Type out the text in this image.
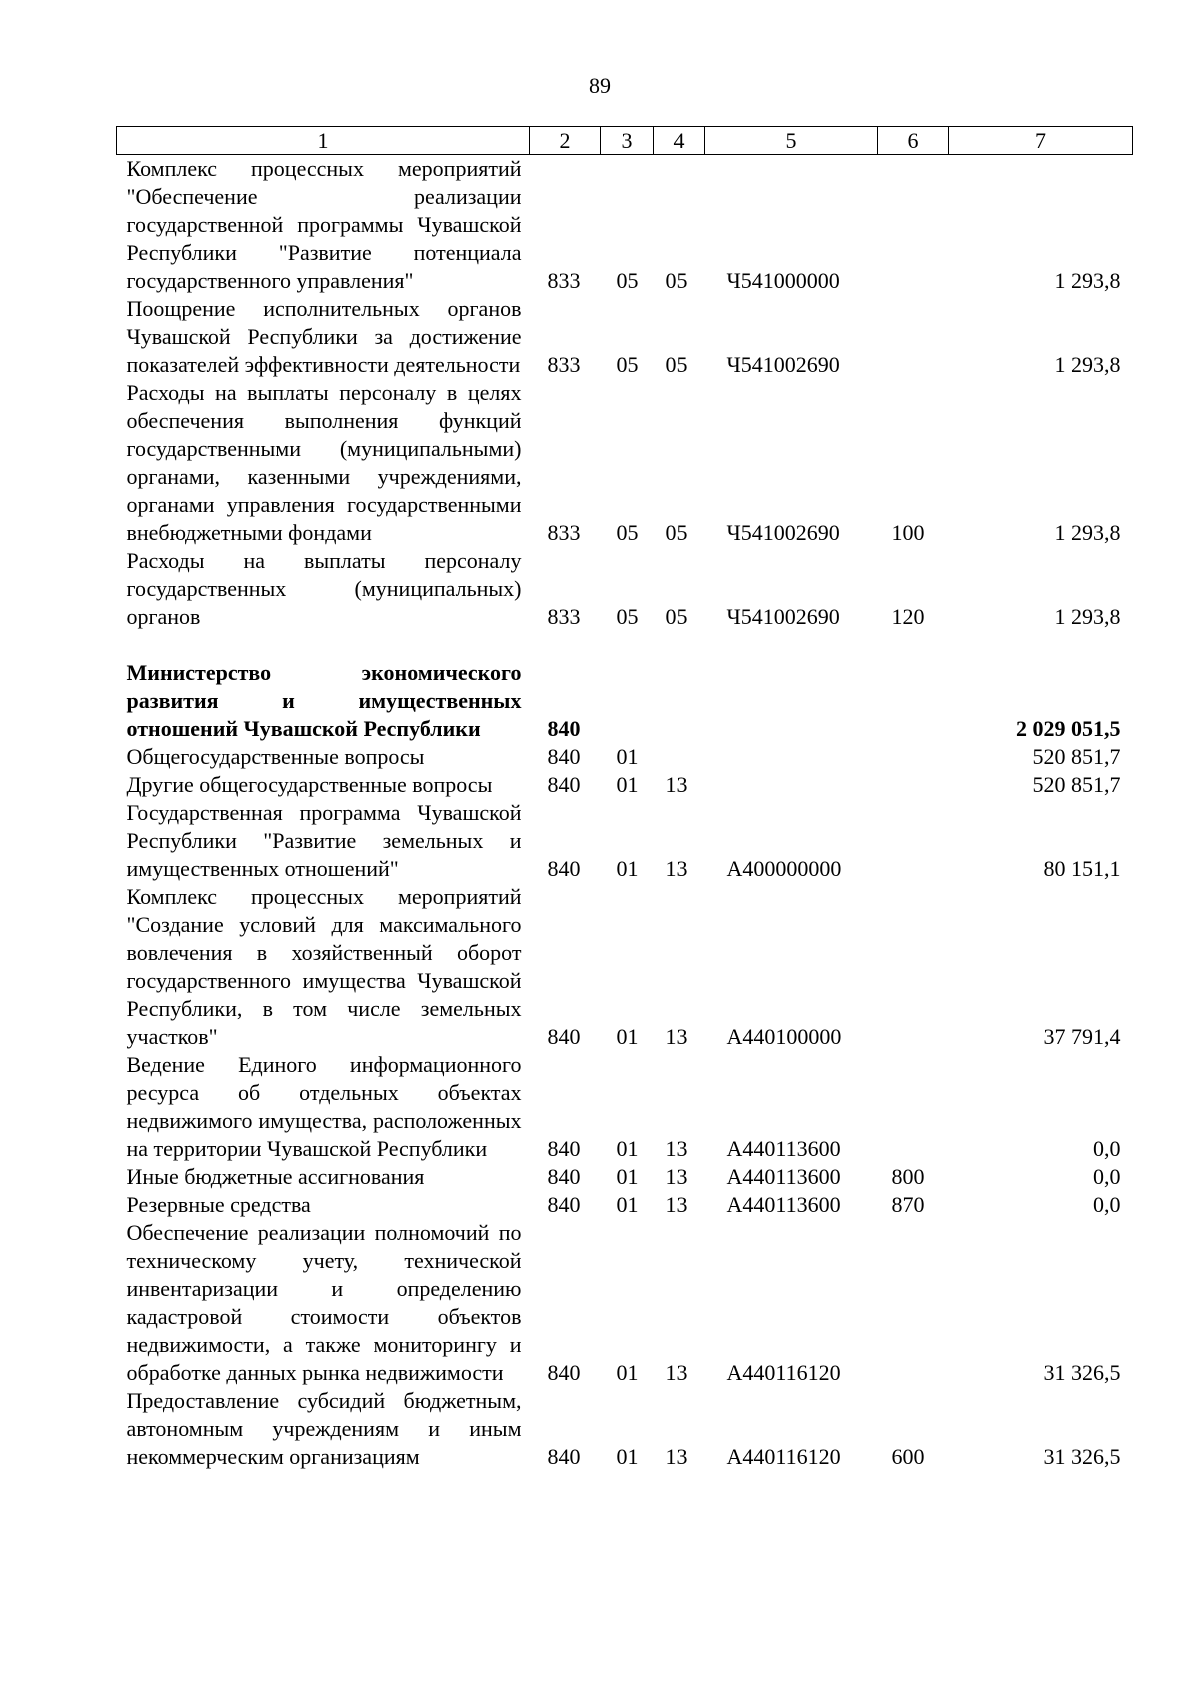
89
1	2	3	4	5	6	7
Комплекс процессных мероприятий "Обеспечение реализации государственной программы Чувашской Республики "Развитие потенциала государственного управления"	833	05	05	Ч541000000		1 293,8
Поощрение исполнительных органов Чувашской Республики за достижение показателей эффективности деятельности	833	05	05	Ч541002690		1 293,8
Расходы на выплаты персоналу в целях обеспечения выполнения функций государственными (муниципальными) органами, казенными учреждениями, органами управления государственными внебюджетными фондами	833	05	05	Ч541002690	100	1 293,8
Расходы на выплаты персоналу государственных (муниципальных) органов	833	05	05	Ч541002690	120	1 293,8

Министерство экономического развития и имущественных отношений Чувашской Республики	840					2 029 051,5
Общегосударственные вопросы	840	01				520 851,7
Другие общегосударственные вопросы	840	01	13			520 851,7
Государственная программа Чувашской Республики "Развитие земельных и имущественных отношений"	840	01	13	А400000000		80 151,1
Комплекс процессных мероприятий "Создание условий для максимального вовлечения в хозяйственный оборот государственного имущества Чувашской Республики, в том числе земельных участков"	840	01	13	А440100000		37 791,4
Ведение Единого информационного ресурса об отдельных объектах недвижимого имущества, расположенных на территории Чувашской Республики	840	01	13	А440113600		0,0
Иные бюджетные ассигнования	840	01	13	А440113600	800	0,0
Резервные средства	840	01	13	А440113600	870	0,0
Обеспечение реализации полномочий по техническому учету, технической инвентаризации и определению кадастровой стоимости объектов недвижимости, а также мониторингу и обработке данных рынка недвижимости	840	01	13	А440116120		31 326,5
Предоставление субсидий бюджетным, автономным учреждениям и иным некоммерческим организациям	840	01	13	А440116120	600	31 326,5
